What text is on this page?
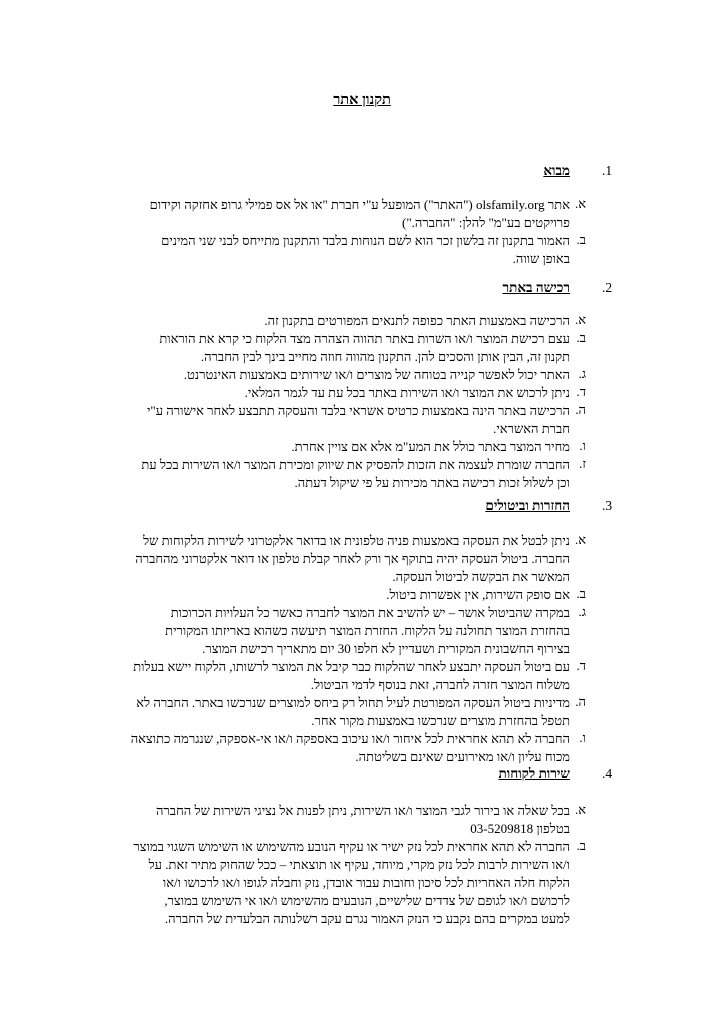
תקנון אתר
1.
מבוא
א.
אתר olsfamily.org ("האתר") המופעל ע"י חברת "או אל אס פמילי גרופ אחזקה וקידום
פרויקטים בע"מ" להלן: "החברה.")
ב.
האמור בתקנון זה בלשון זכר הוא לשם הנוחות בלבד והתקנון מתייחס לבני שני המינים
באופן שווה.
2.
רכישה באתר
א.
הרכישה באמצעות האתר כפופה לתנאים המפורטים בתקנון זה.
ב.
עצם רכישת המוצר ו/או השרות באתר תהווה הצהרה מצד הלקוח כי קרא את הוראות
תקנון זה, הבין אותן והסכים להן. התקנון מהווה חוזה מחייב בינך לבין החברה.
ג.
האתר יכול לאפשר קנייה בטוחה של מוצרים ו/או שירותים באמצעות האינטרנט.
ד.
ניתן לרכוש את המוצר ו/או השירות באתר בכל עת עד לגמר המלאי.
ה.
הרכישה באתר הינה באמצעות כרטיס אשראי בלבד והעסקה תתבצע לאחר אישורה ע"י
חברת האשראי.
ו.
מחיר המוצר באתר כולל את המע"מ אלא אם צויין אחרת.
ז.
החברה שומרת לעצמה את הזכות להפסיק את שיווק ומכירת המוצר ו/או השירות בכל עת
וכן לשלול זכות רכישה באתר מכירות על פי שיקול דעתה.
3.
החזרות וביטולים
א.
ניתן לבטל את העסקה באמצעות פניה טלפונית או בדואר אלקטרוני לשירות הלקוחות של
החברה. ביטול העסקה יהיה בתוקף אך ורק לאחר קבלת טלפון או דואר אלקטרוני מהחברה
המאשר את הבקשה לביטול העסקה.
ב.
אם סופק השירות, אין אפשרות ביטול.
ג.
במקרה שהביטול אושר – יש להשיב את המוצר לחברה כאשר כל העלויות הכרוכות
בהחזרת המוצר תחולנה על הלקוח. החזרת המוצר תיעשה כשהוא באריזתו המקורית
בצירוף החשבונית המקורית ושעדיין לא חלפו 30 יום מתאריך רכישת המוצר.
ד.
עם ביטול העסקה יתבצע לאחר שהלקוח כבר קיבל את המוצר לרשותו, הלקוח יישא בעלות
משלוח המוצר חזרה לחברה, זאת בנוסף לדמי הביטול.
ה.
מדיניות ביטול העסקה המפורטת לעיל תחול רק ביחס למוצרים שנרכשו באתר. החברה לא
תטפל בהחזרת מוצרים שנרכשו באמצעות מקור אחר.
ו.
החברה לא תהא אחראית לכל איחור ו/או עיכוב באספקה ו/או אי-אספקה, שנגרמה כתוצאה
מכוח עליון ו/או מאירועים שאינם בשליטתה.
4.
שירות לקוחות
א.
בכל שאלה או בירור לגבי המוצר ו/או השירות, ניתן לפנות אל נציגי השירות של החברה
בטלפון 03-5209818
ב.
החברה לא תהא אחראית לכל נזק ישיר או עקיף הנובע מהשימוש או השימוש השגוי במוצר
ו/או השירות לרבות לכל נזק מקרי, מיוחד, עקיף או תוצאתי – ככל שהחוק מתיר זאת. על
הלקוח חלה האחריות לכל סיכון וחובות עבור אובדן, נזק וחבלה לגופו ו/או לרכושו ו/או
לרכושם ו/או לגופם של צדדים שלישיים, הנובעים מהשימוש ו/או אי השימוש במוצר,
למעט במקרים בהם נקבע כי הנזק האמור נגרם עקב רשלנותה הבלעדית של החברה.
